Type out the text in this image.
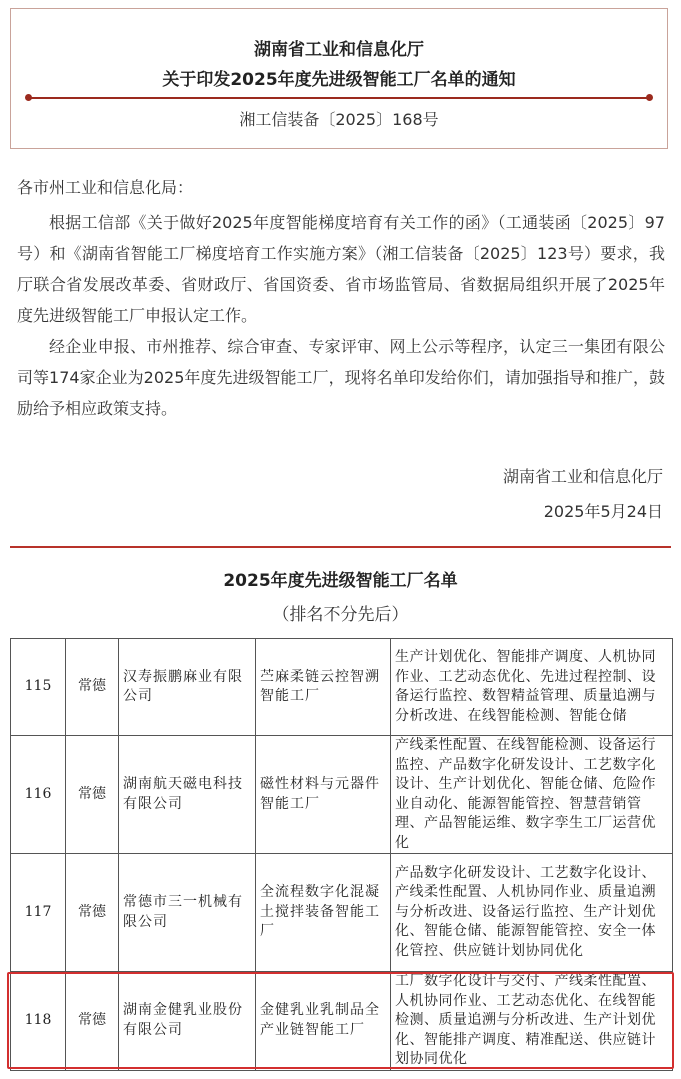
湖南省工业和信息化厅
关于印发2025年度先进级智能工厂名单的通知
湘工信装备〔2025〕168号
各市州工业和信息化局：
根据工信部《关于做好2025年度智能梯度培育有关工作的函》（工通装函〔2025〕97号）和《湖南省智能工厂梯度培育工作实施方案》（湘工信装备〔2025〕123号）要求，我厅联合省发展改革委、省财政厅、省国资委、省市场监管局、省数据局组织开展了2025年度先进级智能工厂申报认定工作。
经企业申报、市州推荐、综合审查、专家评审、网上公示等程序，认定三一集团有限公司等174家企业为2025年度先进级智能工厂，现将名单印发给你们，请加强指导和推广，鼓励给予相应政策支持。
湖南省工业和信息化厅
2025年5月24日
2025年度先进级智能工厂名单
（排名不分先后）
115	常德	汉寿振鹏麻业有限公司	苎麻柔链云控智溯智能工厂	生产计划优化、智能排产调度、人机协同作业、工艺动态优化、先进过程控制、设备运行监控、数智精益管理、质量追溯与分析改进、在线智能检测、智能仓储
116	常德	湖南航天磁电科技有限公司	磁性材料与元器件智能工厂	产线柔性配置、在线智能检测、设备运行监控、产品数字化研发设计、工艺数字化设计、生产计划优化、智能仓储、危险作业自动化、能源智能管控、智慧营销管理、产品智能运维、数字孪生工厂运营优化
117	常德	常德市三一机械有限公司	全流程数字化混凝土搅拌装备智能工厂	产品数字化研发设计、工艺数字化设计、产线柔性配置、人机协同作业、质量追溯与分析改进、设备运行监控、生产计划优化、智能仓储、能源智能管控、安全一体化管控、供应链计划协同优化
118	常德	湖南金健乳业股份有限公司	金健乳业乳制品全产业链智能工厂	工厂数字化设计与交付、产线柔性配置、人机协同作业、工艺动态优化、在线智能检测、质量追溯与分析改进、生产计划优化、智能排产调度、精准配送、供应链计划协同优化
